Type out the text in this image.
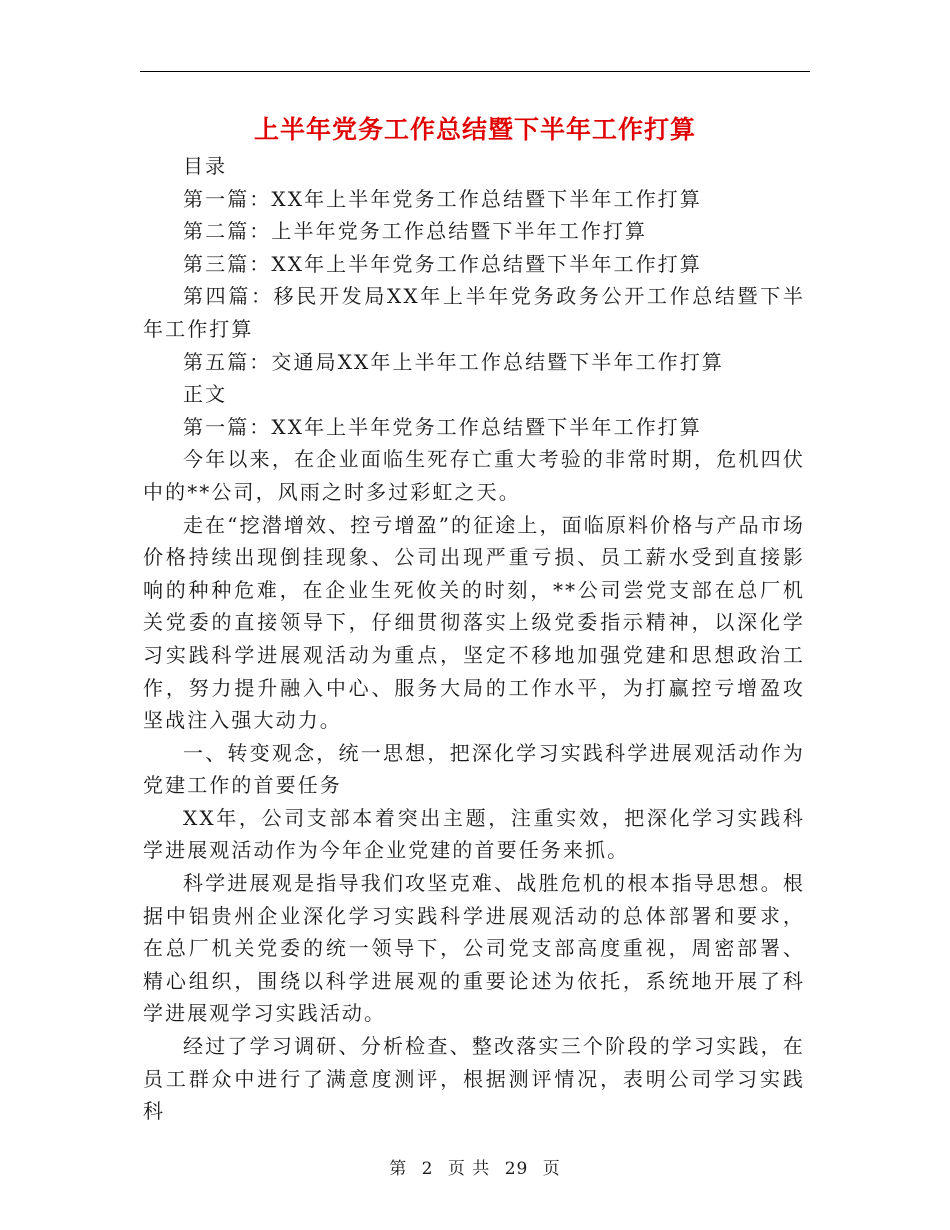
上半年党务工作总结暨下半年工作打算

目录

第一篇：XX年上半年党务工作总结暨下半年工作打算

第二篇：上半年党务工作总结暨下半年工作打算

第三篇：XX年上半年党务工作总结暨下半年工作打算

第四篇：移民开发局XX年上半年党务政务公开工作总结暨下半年工作打算

第五篇：交通局XX年上半年工作总结暨下半年工作打算

正文

第一篇：XX年上半年党务工作总结暨下半年工作打算

今年以来，在企业面临生死存亡重大考验的非常时期，危机四伏中的**公司，风雨之时多过彩虹之天。

走在“挖潜增效、控亏增盈”的征途上，面临原料价格与产品市场价格持续出现倒挂现象、公司出现严重亏损、员工薪水受到直接影响的种种危难，在企业生死攸关的时刻，**公司尝党支部在总厂机关党委的直接领导下，仔细贯彻落实上级党委指示精神，以深化学习实践科学进展观活动为重点，坚定不移地加强党建和思想政治工作，努力提升融入中心、服务大局的工作水平，为打赢控亏增盈攻坚战注入强大动力。

一、转变观念，统一思想，把深化学习实践科学进展观活动作为党建工作的首要任务

XX年，公司支部本着突出主题，注重实效，把深化学习实践科学进展观活动作为今年企业党建的首要任务来抓。

科学进展观是指导我们攻坚克难、战胜危机的根本指导思想。根据中铝贵州企业深化学习实践科学进展观活动的总体部署和要求，在总厂机关党委的统一领导下，公司党支部高度重视，周密部署、精心组织，围绕以科学进展观的重要论述为依托，系统地开展了科学进展观学习实践活动。

经过了学习调研、分析检查、整改落实三个阶段的学习实践，在员工群众中进行了满意度测评，根据测评情况，表明公司学习实践科

第 2 页 共 29 页
